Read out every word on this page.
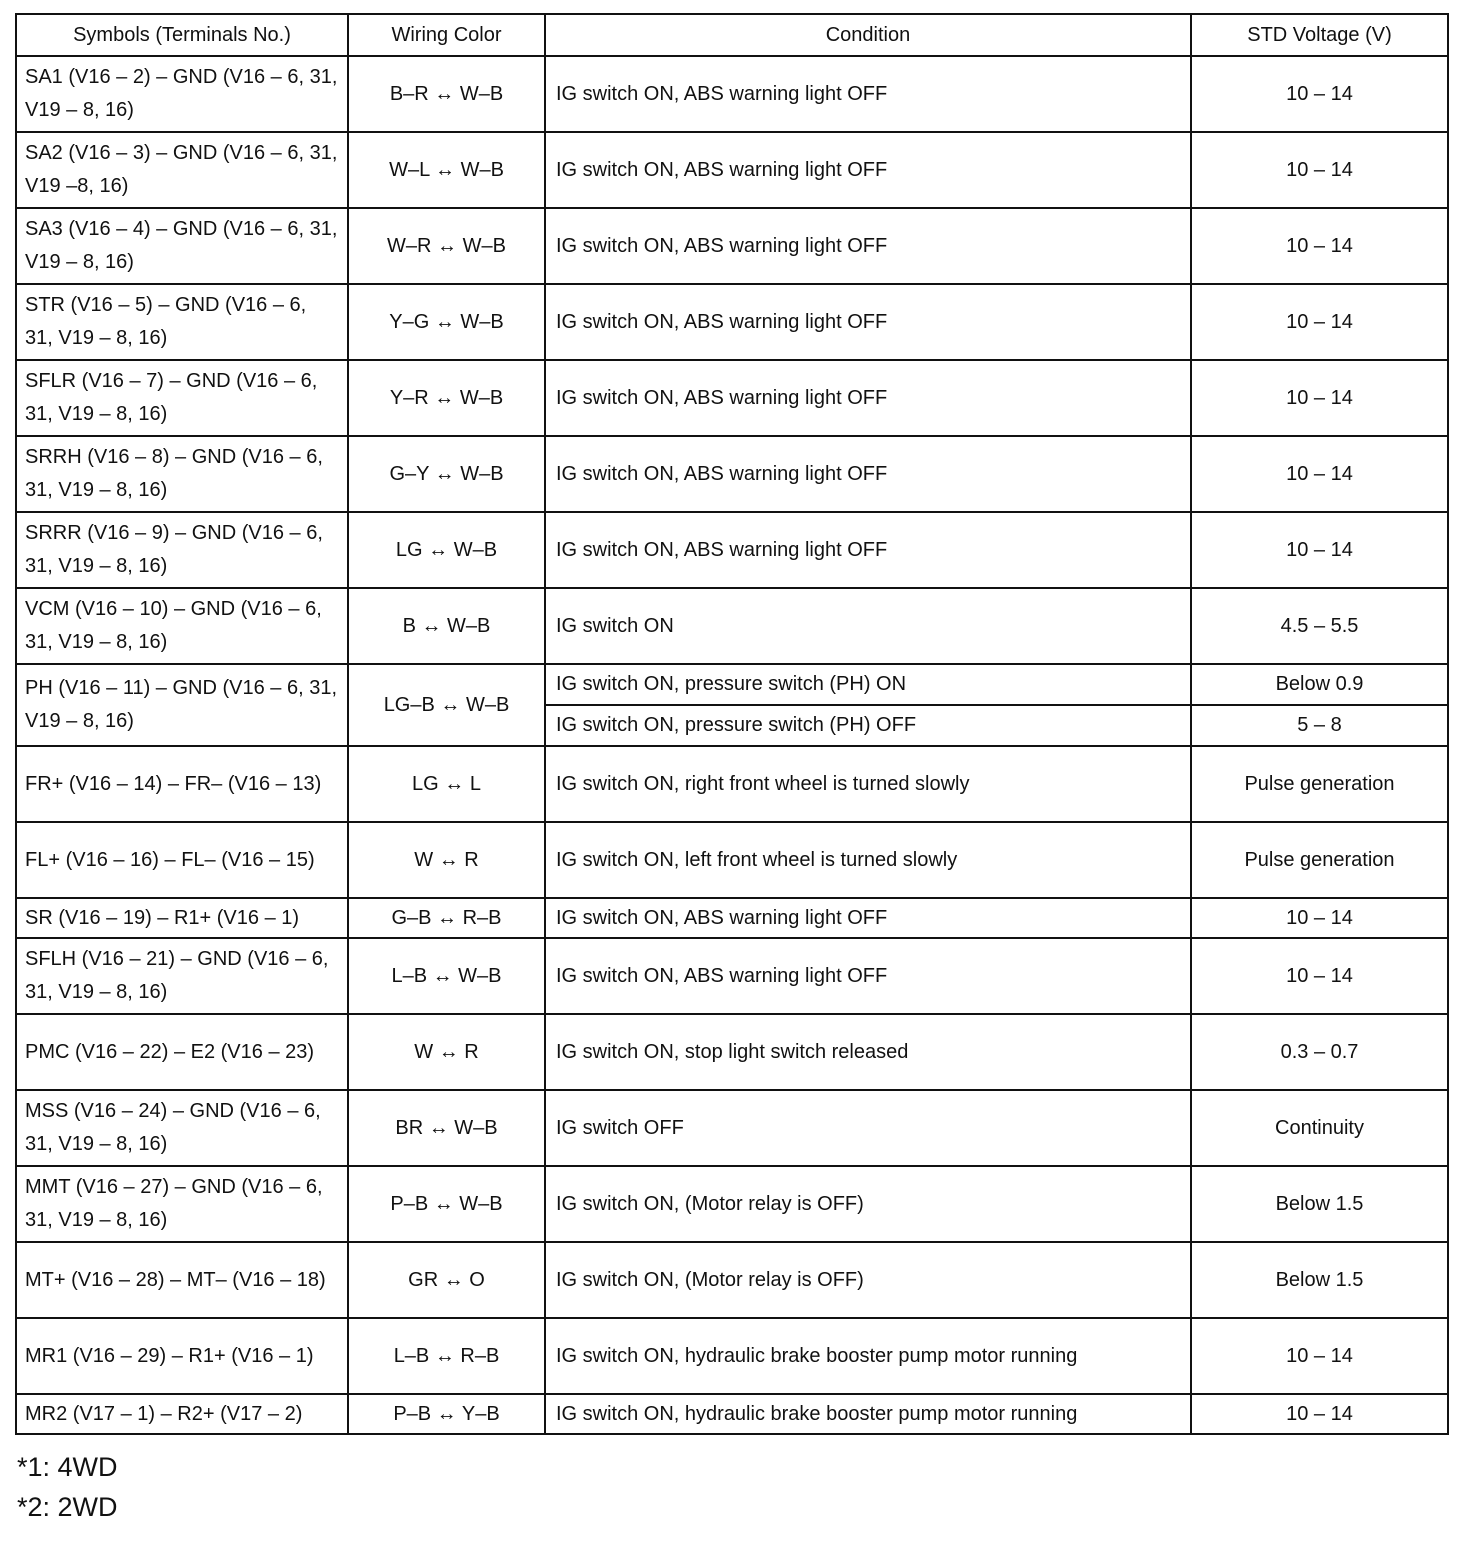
Symbols (Terminals No.)	Wiring Color	Condition	STD Voltage (V)
SA1 (V16 – 2) – GND (V16 – 6, 31, V19 – 8, 16)	B–R ↔ W–B	IG switch ON, ABS warning light OFF	10 – 14
SA2 (V16 – 3) – GND (V16 – 6, 31, V19 –8, 16)	W–L ↔ W–B	IG switch ON, ABS warning light OFF	10 – 14
SA3 (V16 – 4) – GND (V16 – 6, 31, V19 – 8, 16)	W–R ↔ W–B	IG switch ON, ABS warning light OFF	10 – 14
STR (V16 – 5) – GND (V16 – 6, 31, V19 – 8, 16)	Y–G ↔ W–B	IG switch ON, ABS warning light OFF	10 – 14
SFLR (V16 – 7) – GND (V16 – 6, 31, V19 – 8, 16)	Y–R ↔ W–B	IG switch ON, ABS warning light OFF	10 – 14
SRRH (V16 – 8) – GND (V16 – 6, 31, V19 – 8, 16)	G–Y ↔ W–B	IG switch ON, ABS warning light OFF	10 – 14
SRRR (V16 – 9) – GND (V16 – 6, 31, V19 – 8, 16)	LG ↔ W–B	IG switch ON, ABS warning light OFF	10 – 14
VCM (V16 – 10) – GND (V16 – 6, 31, V19 – 8, 16)	B ↔ W–B	IG switch ON	4.5 – 5.5
PH (V16 – 11) – GND (V16 – 6, 31, V19 – 8, 16)	LG–B ↔ W–B	IG switch ON, pressure switch (PH) ON	Below 0.9
		IG switch ON, pressure switch (PH) OFF	5 – 8
FR+ (V16 – 14) – FR– (V16 – 13)	LG ↔ L	IG switch ON, right front wheel is turned slowly	Pulse generation
FL+ (V16 – 16) – FL– (V16 – 15)	W ↔ R	IG switch ON, left front wheel is turned slowly	Pulse generation
SR (V16 – 19) – R1+ (V16 – 1)	G–B ↔ R–B	IG switch ON, ABS warning light OFF	10 – 14
SFLH (V16 – 21) – GND (V16 – 6, 31, V19 – 8, 16)	L–B ↔ W–B	IG switch ON, ABS warning light OFF	10 – 14
PMC (V16 – 22) – E2 (V16 – 23)	W ↔ R	IG switch ON, stop light switch released	0.3 – 0.7
MSS (V16 – 24) – GND (V16 – 6, 31, V19 – 8, 16)	BR ↔ W–B	IG switch OFF	Continuity
MMT (V16 – 27) – GND (V16 – 6, 31, V19 – 8, 16)	P–B ↔ W–B	IG switch ON, (Motor relay is OFF)	Below 1.5
MT+ (V16 – 28) – MT– (V16 – 18)	GR ↔ O	IG switch ON, (Motor relay is OFF)	Below 1.5
MR1 (V16 – 29) – R1+ (V16 – 1)	L–B ↔ R–B	IG switch ON, hydraulic brake booster pump motor running	10 – 14
MR2 (V17 – 1) – R2+ (V17 – 2)	P–B ↔ Y–B	IG switch ON, hydraulic brake booster pump motor running	10 – 14
*1: 4WD
*2: 2WD
